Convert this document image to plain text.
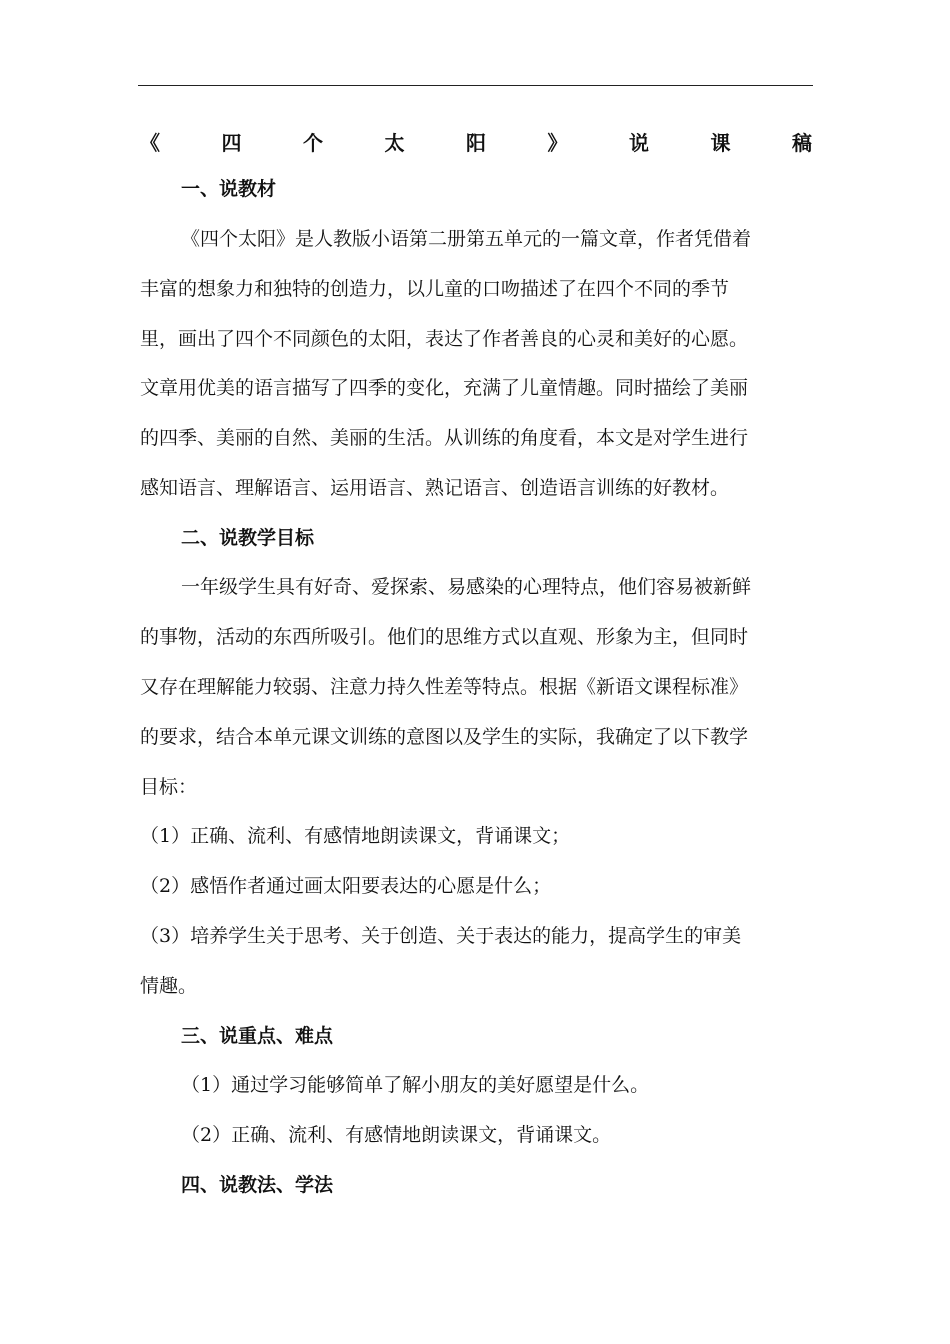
《	四	个	太	阳	》	说	课	稿
一、说教材
《四个太阳》是人教版小语第二册第五单元的一篇文章，作者凭借着
丰富的想象力和独特的创造力，以儿童的口吻描述了在四个不同的季节
里，画出了四个不同颜色的太阳，表达了作者善良的心灵和美好的心愿。
文章用优美的语言描写了四季的变化，充满了儿童情趣。同时描绘了美丽
的四季、美丽的自然、美丽的生活。从训练的角度看，本文是对学生进行
感知语言、理解语言、运用语言、熟记语言、创造语言训练的好教材。
二、说教学目标
一年级学生具有好奇、爱探索、易感染的心理特点，他们容易被新鲜
的事物，活动的东西所吸引。他们的思维方式以直观、形象为主，但同时
又存在理解能力较弱、注意力持久性差等特点。根据《新语文课程标准》
的要求，结合本单元课文训练的意图以及学生的实际，我确定了以下教学
目标：
（1）正确、流利、有感情地朗读课文，背诵课文；
（2）感悟作者通过画太阳要表达的心愿是什么；
（3）培养学生关于思考、关于创造、关于表达的能力，提高学生的审美
情趣。
三、说重点、难点
（1）通过学习能够简单了解小朋友的美好愿望是什么。
（2）正确、流利、有感情地朗读课文，背诵课文。
四、说教法、学法
